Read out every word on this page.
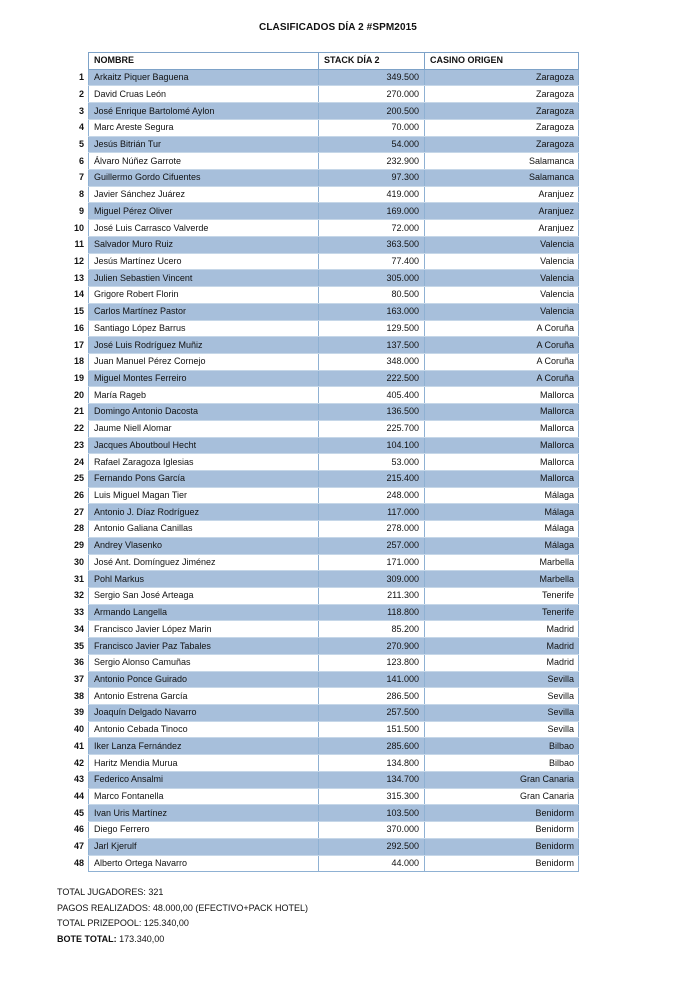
CLASIFICADOS DÍA 2 #SPM2015
	NOMBRE	STACK DÍA 2	CASINO ORIGEN
1	Arkaitz Piquer Baguena	349.500	Zaragoza
2	David Cruas León	270.000	Zaragoza
3	José Enrique Bartolomé Aylon	200.500	Zaragoza
4	Marc Areste Segura	70.000	Zaragoza
5	Jesús Bitrián Tur	54.000	Zaragoza
6	Álvaro Núñez Garrote	232.900	Salamanca
7	Guillermo Gordo Cifuentes	97.300	Salamanca
8	Javier Sánchez Juárez	419.000	Aranjuez
9	Miguel Pérez Oliver	169.000	Aranjuez
10	José Luis Carrasco Valverde	72.000	Aranjuez
11	Salvador Muro Ruiz	363.500	Valencia
12	Jesús Martínez Ucero	77.400	Valencia
13	Julien Sebastien Vincent	305.000	Valencia
14	Grigore Robert Florin	80.500	Valencia
15	Carlos Martínez Pastor	163.000	Valencia
16	Santiago López Barrus	129.500	A Coruña
17	José Luis Rodríguez Muñiz	137.500	A Coruña
18	Juan Manuel Pérez Cornejo	348.000	A Coruña
19	Miguel Montes Ferreiro	222.500	A Coruña
20	María Rageb	405.400	Mallorca
21	Domingo Antonio Dacosta	136.500	Mallorca
22	Jaume Niell Alomar	225.700	Mallorca
23	Jacques Aboutboul Hecht	104.100	Mallorca
24	Rafael Zaragoza Iglesias	53.000	Mallorca
25	Fernando Pons García	215.400	Mallorca
26	Luis Miguel Magan Tier	248.000	Málaga
27	Antonio J. Díaz Rodríguez	117.000	Málaga
28	Antonio Galiana Canillas	278.000	Málaga
29	Andrey Vlasenko	257.000	Málaga
30	José Ant. Domínguez Jiménez	171.000	Marbella
31	Pohl Markus	309.000	Marbella
32	Sergio San José Arteaga	211.300	Tenerife
33	Armando Langella	118.800	Tenerife
34	Francisco Javier López Marin	85.200	Madrid
35	Francisco Javier Paz Tabales	270.900	Madrid
36	Sergio Alonso Camuñas	123.800	Madrid
37	Antonio Ponce Guirado	141.000	Sevilla
38	Antonio Estrena García	286.500	Sevilla
39	Joaquín Delgado Navarro	257.500	Sevilla
40	Antonio Cebada Tinoco	151.500	Sevilla
41	Iker Lanza Fernández	285.600	Bilbao
42	Haritz Mendia Murua	134.800	Bilbao
43	Federico Ansalmi	134.700	Gran Canaria
44	Marco Fontanella	315.300	Gran Canaria
45	Ivan Uris Martínez	103.500	Benidorm
46	Diego Ferrero	370.000	Benidorm
47	Jarl Kjerulf	292.500	Benidorm
48	Alberto Ortega Navarro	44.000	Benidorm
TOTAL JUGADORES: 321
PAGOS REALIZADOS: 48.000,00 (EFECTIVO+PACK HOTEL)
TOTAL PRIZEPOOL: 125.340,00
BOTE TOTAL: 173.340,00
